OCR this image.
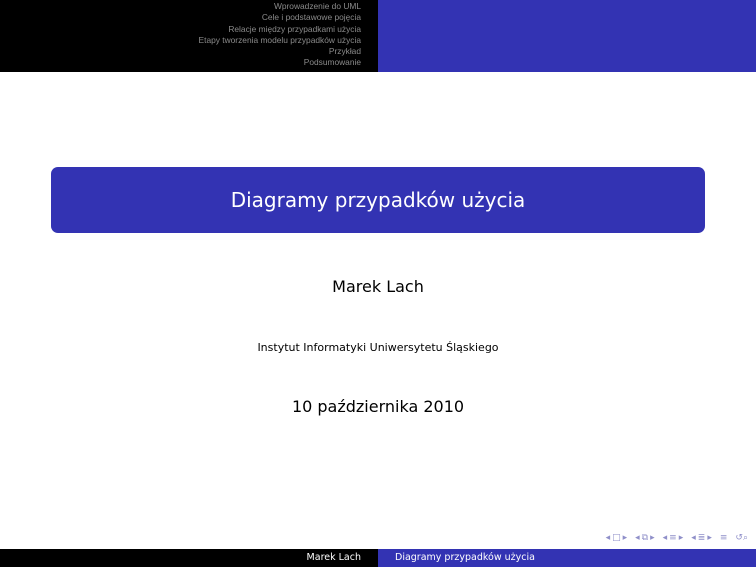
Wprowadzenie do UML
Cele i podstawowe pojęcia
Relacje między przypadkami użycia
Etapy tworzenia modelu przypadków użycia
Przykład
Podsumowanie
Diagramy przypadków użycia
Marek Lach
Instytut Informatyki Uniwersytetu Śląskiego
10 października 2010
◂ □ ▸ ◂ ⧉ ▸ ◂ ≡ ▸ ◂ ≣ ▸ ≡ ↺⌕
Marek Lach	Diagramy przypadków użycia
